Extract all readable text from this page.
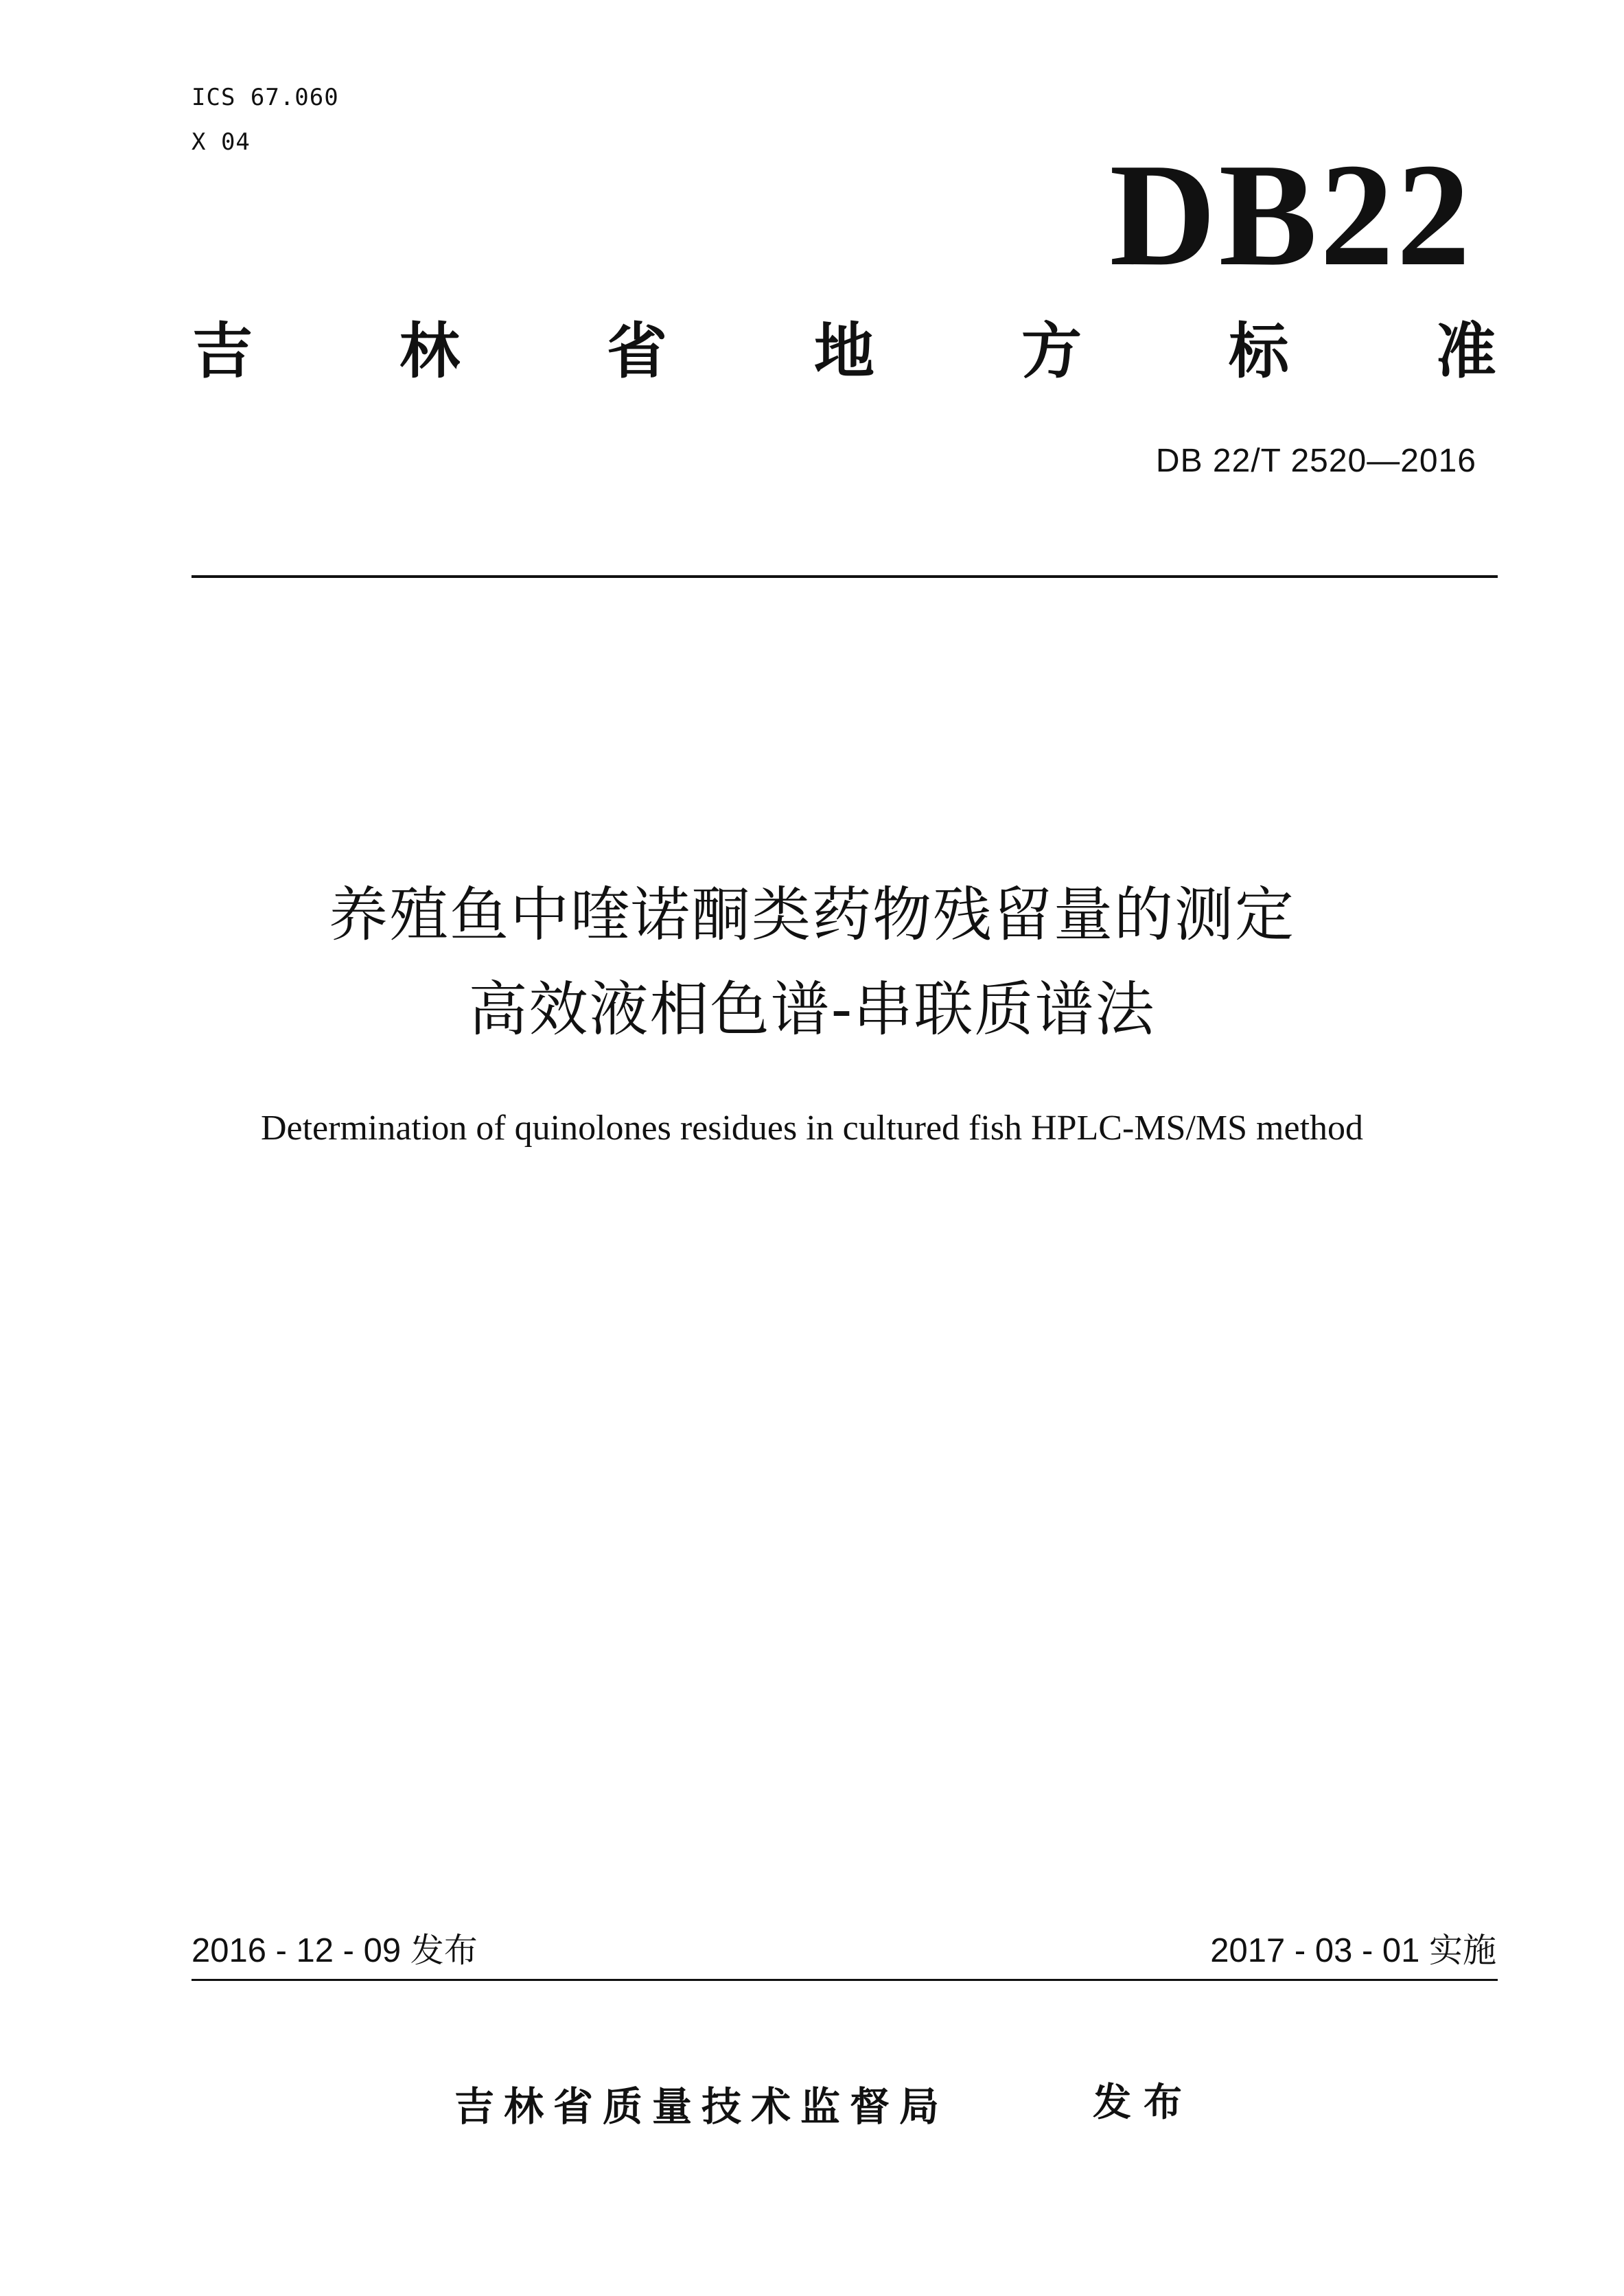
ICS 67.060
X 04	DB22
吉 林 省 地 方 标 准
DB 22/T 2520—2016
养殖鱼中喹诺酮类药物残留量的测定
高效液相色谱-串联质谱法
Determination of quinolones residues in cultured fish HPLC-MS/MS method
2016 - 12 - 09 发布	2017 - 03 - 01 实施
吉林省质量技术监督局	发布
